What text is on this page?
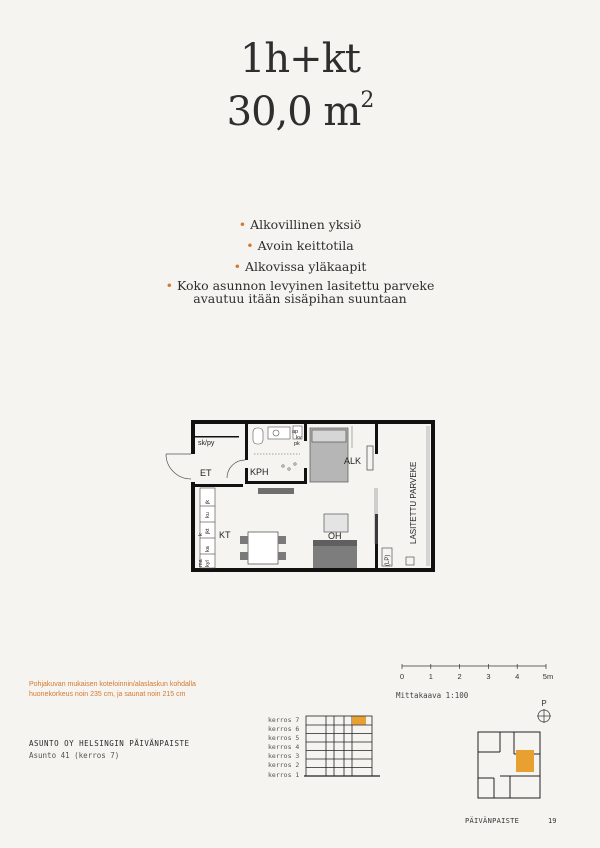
1h+kt
30,0 $m^2$
• Alkovillinen yksiö
• Avoin keittotila
• Alkovissa yläkaapit
• Koko asunnon levyinen lasitettu parveke
avautuu itään sisäpihan suuntaan
sk/py
ET	KPH
ALK
KT	OH	LASITETTU PARVEKE
(LP)
ap
kv
pk
jk
ku
jkt
ka
kyl
ma
k
Pohjakuvan mukaisen koteloinnin/alaslaskun kohdalla
huonekorkeus noin 235 cm, ja saunat noin 215 cm
ASUNTO OY HELSINGIN PÄIVÄNPAISTE
Asunto 41 (kerros 7)
kerros 7
kerros 6
kerros 5
kerros 4
kerros 3
kerros 2
kerros 1
0	1	2	3	4	5m
Mittakaava 1:100
P
PÄIVÄNPAISTE	19
